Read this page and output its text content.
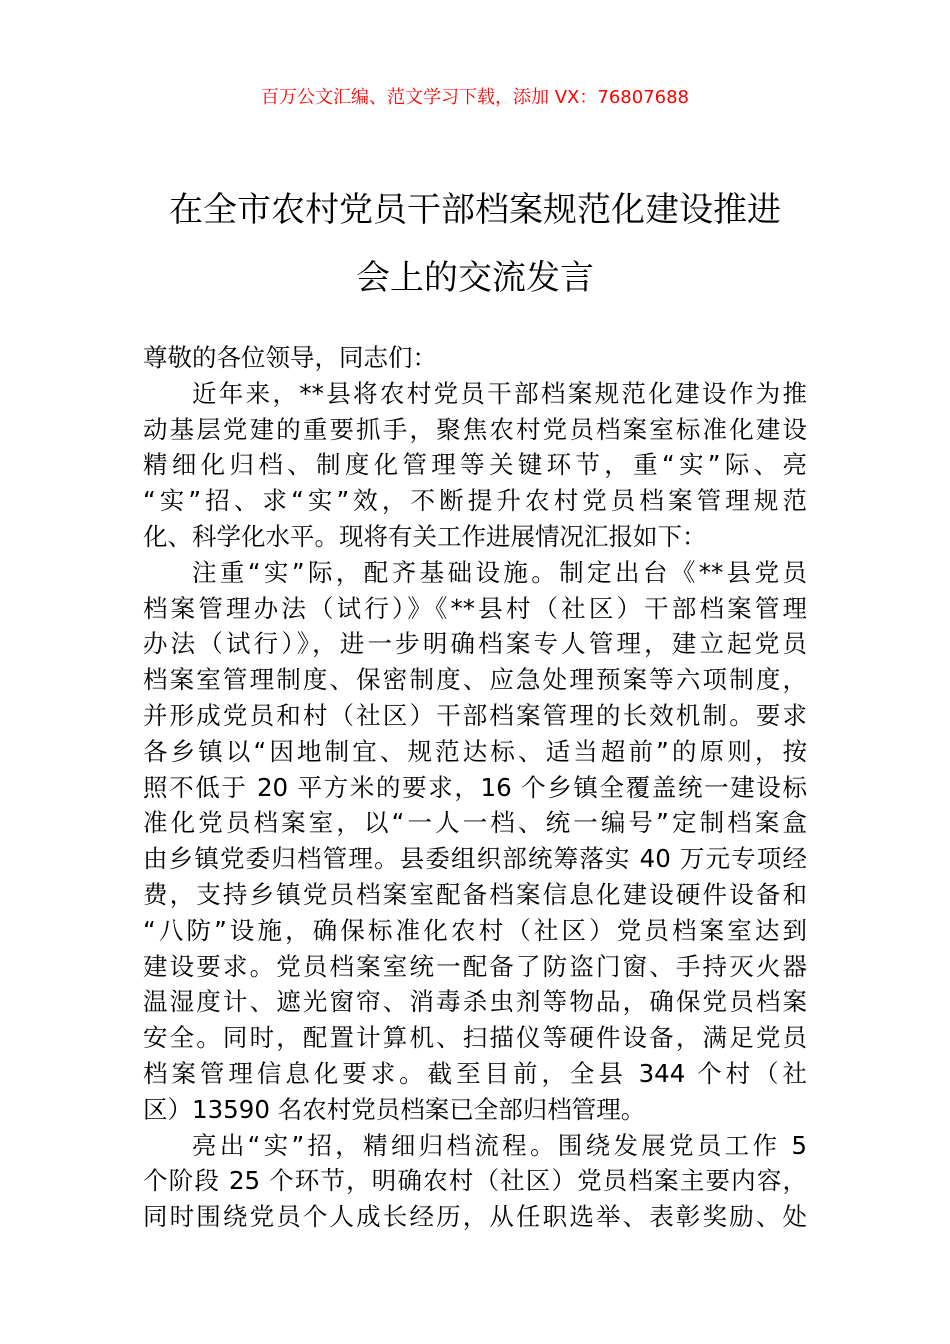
百万公文汇编、范文学习下载，添加 VX：76807688
在全市农村党员干部档案规范化建设推进
会上的交流发言
尊敬的各位领导，同志们：
近年来，**县将农村党员干部档案规范化建设作为推
动基层党建的重要抓手，聚焦农村党员档案室标准化建设
精细化归档、制度化管理等关键环节，重“实”际、亮
“实”招、求“实”效，不断提升农村党员档案管理规范
化、科学化水平。现将有关工作进展情况汇报如下：
注重“实”际，配齐基础设施。制定出台《**县党员
档案管理办法（试行）》《**县村（社区）干部档案管理
办法（试行）》，进一步明确档案专人管理，建立起党员
档案室管理制度、保密制度、应急处理预案等六项制度，
并形成党员和村（社区）干部档案管理的长效机制。要求
各乡镇以“因地制宜、规范达标、适当超前”的原则，按
照不低于 20 平方米的要求，16 个乡镇全覆盖统一建设标
准化党员档案室，以“一人一档、统一编号”定制档案盒
由乡镇党委归档管理。县委组织部统筹落实 40 万元专项经
费，支持乡镇党员档案室配备档案信息化建设硬件设备和
“八防”设施，确保标准化农村（社区）党员档案室达到
建设要求。党员档案室统一配备了防盗门窗、手持灭火器
温湿度计、遮光窗帘、消毒杀虫剂等物品，确保党员档案
安全。同时，配置计算机、扫描仪等硬件设备，满足党员
档案管理信息化要求。截至目前，全县 344 个村（社
区）13590 名农村党员档案已全部归档管理。
亮出“实”招，精细归档流程。围绕发展党员工作 5
个阶段 25 个环节，明确农村（社区）党员档案主要内容，
同时围绕党员个人成长经历，从任职选举、表彰奖励、处
